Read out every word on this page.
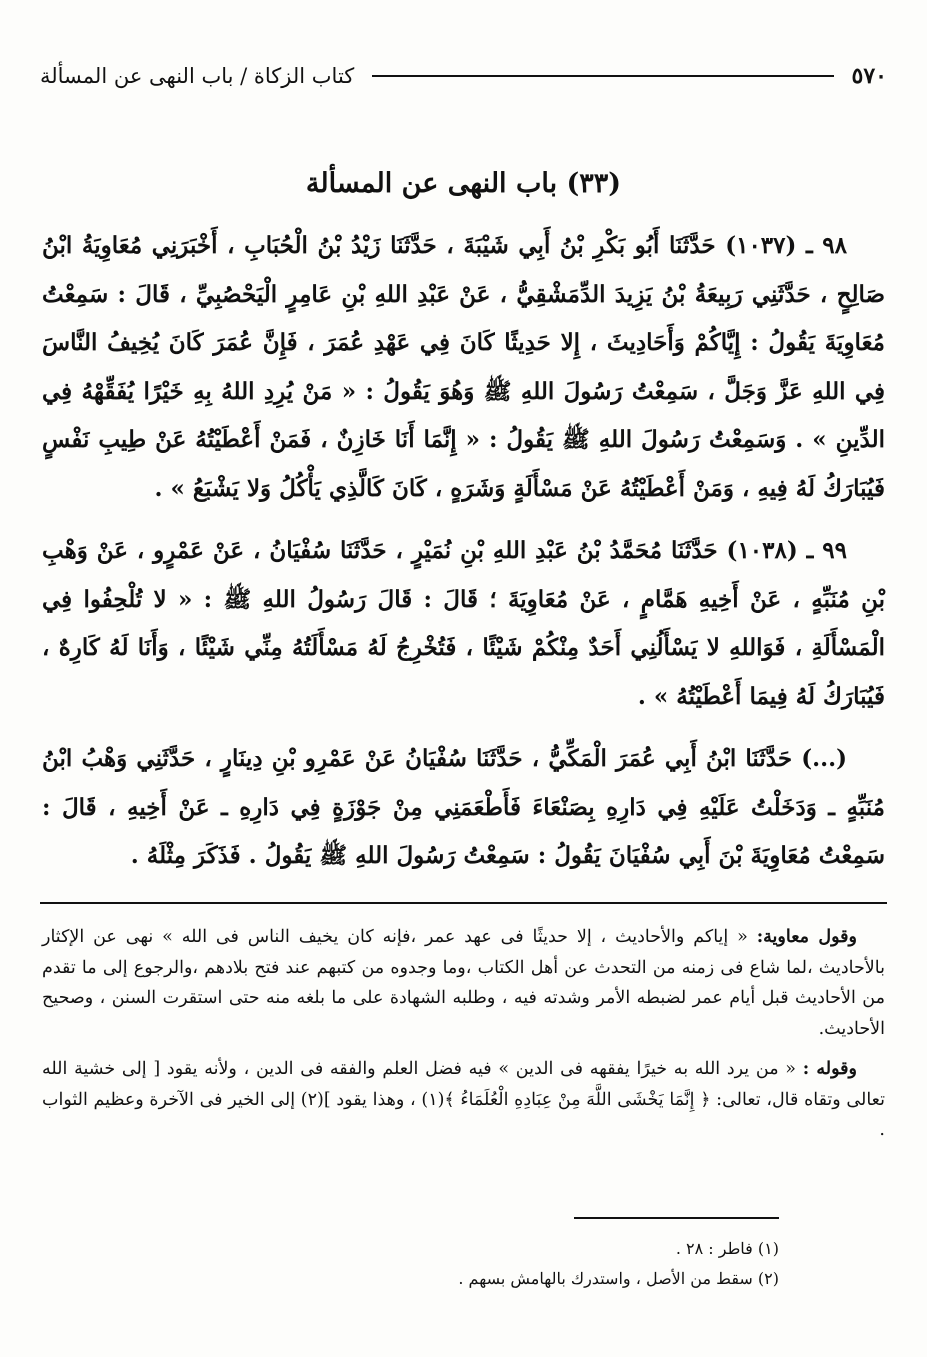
٥٧٠
كتاب الزكاة / باب النهى عن المسألة
(٣٣) باب النهى عن المسألة

٩٨ ـ (١٠٣٧) حَدَّثَنَا أَبُو بَكْرِ بْنُ أَبِي شَيْبَةَ ، حَدَّثَنَا زَيْدُ بْنُ الْحُبَابِ ، أَخْبَرَنِي مُعَاوِيَةُ ابْنُ صَالِحٍ ، حَدَّثَنِي رَبِيعَةُ بْنُ يَزِيدَ الدِّمَشْقِيُّ ، عَنْ عَبْدِ اللهِ بْنِ عَامِرٍ الْيَحْصُبِيِّ ، قَالَ : سَمِعْتُ مُعَاوِيَةَ يَقُولُ : إِيَّاكُمْ وَأَحَادِيثَ ، إِلا حَدِيثًا كَانَ فِي عَهْدِ عُمَرَ ، فَإِنَّ عُمَرَ كَانَ يُخِيفُ النَّاسَ فِي اللهِ عَزَّ وَجَلَّ ، سَمِعْتُ رَسُولَ اللهِ ﷺ وَهُوَ يَقُولُ : « مَنْ يُرِدِ اللهُ بِهِ خَيْرًا يُفَقِّهْهُ فِي الدِّينِ » . وَسَمِعْتُ رَسُولَ اللهِ ﷺ يَقُولُ : « إِنَّمَا أَنَا خَازِنٌ ، فَمَنْ أَعْطَيْتُهُ عَنْ طِيبِ نَفْسٍ فَيُبَارَكُ لَهُ فِيهِ ، وَمَنْ أَعْطَيْتُهُ عَنْ مَسْأَلَةٍ وَشَرَهٍ ، كَانَ كَالَّذِي يَأْكُلُ وَلا يَشْبَعُ » .

٩٩ ـ (١٠٣٨) حَدَّثَنَا مُحَمَّدُ بْنُ عَبْدِ اللهِ بْنِ نُمَيْرٍ ، حَدَّثَنَا سُفْيَانُ ، عَنْ عَمْرٍو ، عَنْ وَهْبِ بْنِ مُنَبِّهٍ ، عَنْ أَخِيهِ هَمَّامٍ ، عَنْ مُعَاوِيَةَ ؛ قَالَ : قَالَ رَسُولُ اللهِ ﷺ : « لا تُلْحِفُوا فِي الْمَسْأَلَةِ ، فَوَاللهِ لا يَسْأَلُنِي أَحَدٌ مِنْكُمْ شَيْئًا ، فَتُخْرِجُ لَهُ مَسْأَلَتُهُ مِنِّي شَيْئًا ، وَأَنَا لَهُ كَارِهٌ ، فَيُبَارَكُ لَهُ فِيمَا أَعْطَيْتُهُ » .

(...) حَدَّثَنَا ابْنُ أَبِي عُمَرَ الْمَكِّيُّ ، حَدَّثَنَا سُفْيَانُ عَنْ عَمْرِو بْنِ دِينَارٍ ، حَدَّثَنِي وَهْبُ ابْنُ مُنَبِّهٍ ـ وَدَخَلْتُ عَلَيْهِ فِي دَارِهِ بِصَنْعَاءَ فَأَطْعَمَنِي مِنْ جَوْزَةٍ فِي دَارِهِ ـ عَنْ أَخِيهِ ، قَالَ : سَمِعْتُ مُعَاوِيَةَ بْنَ أَبِي سُفْيَانَ يَقُولُ : سَمِعْتُ رَسُولَ اللهِ ﷺ يَقُولُ . فَذَكَرَ مِثْلَهُ .

وقول معاوية: « إياكم والأحاديث ، إلا حديثًا فى عهد عمر ،فإنه كان يخيف الناس فى الله » نهى عن الإكثار بالأحاديث ،لما شاع فى زمنه من التحدث عن أهل الكتاب ،وما وجدوه من كتبهم عند فتح بلادهم ،والرجوع إلى ما تقدم من الأحاديث قبل أيام عمر لضبطه الأمر وشدته فيه ، وطلبه الشهادة على ما بلغه منه حتى استقرت السنن ، وصحيح الأحاديث.

وقوله : « من يرد الله به خيرًا يفقهه فى الدين » فيه فضل العلم والفقه فى الدين ، ولأنه يقود [ إلى خشية الله تعالى وتقاه قال، تعالى: ﴿ إِنَّمَا يَخْشَى اللَّهَ مِنْ عِبَادِهِ الْعُلَمَاءُ ﴾(١) ، وهذا يقود ](٢) إلى الخير فى الآخرة وعظيم الثواب .

(١) فاطر : ٢٨ .
(٢) سقط من الأصل ، واستدرك بالهامش بسهم .
